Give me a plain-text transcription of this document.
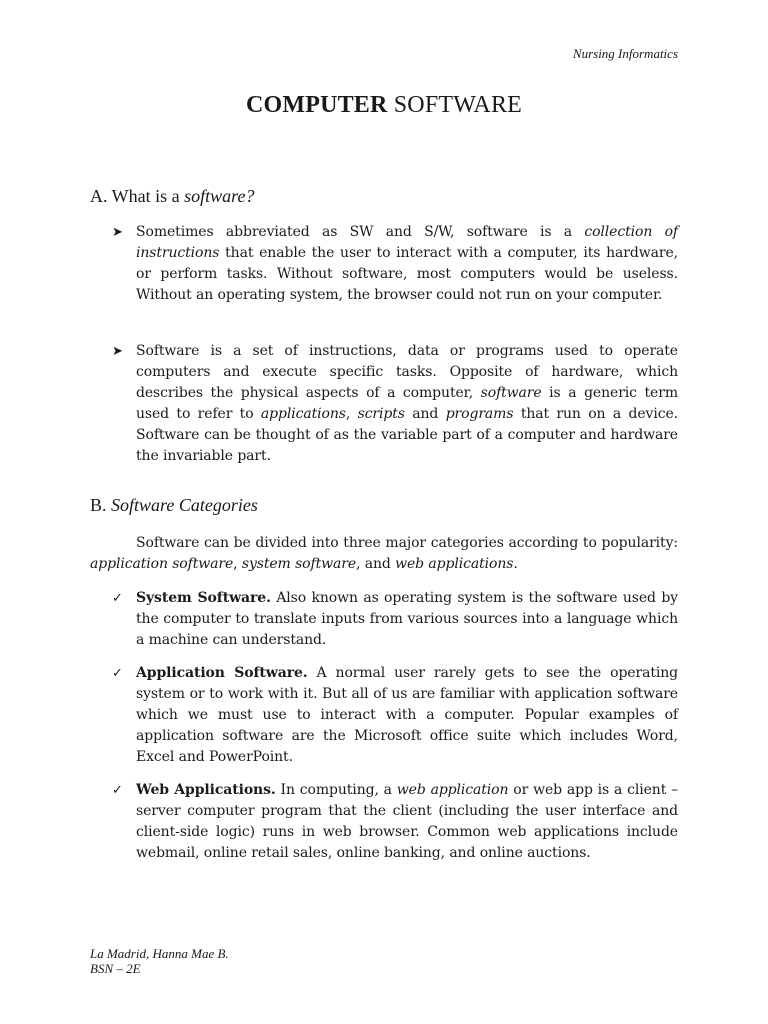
Nursing Informatics
COMPUTER SOFTWARE
A. What is a software?
➤ Sometimes abbreviated as SW and S/W, software is a collection of instructions that enable the user to interact with a computer, its hardware, or perform tasks. Without software, most computers would be useless. Without an operating system, the browser could not run on your computer.
➤ Software is a set of instructions, data or programs used to operate computers and execute specific tasks. Opposite of hardware, which describes the physical aspects of a computer, software is a generic term used to refer to applications, scripts and programs that run on a device. Software can be thought of as the variable part of a computer and hardware the invariable part.
B. Software Categories
Software can be divided into three major categories according to popularity: application software, system software, and web applications.
✓ System Software. Also known as operating system is the software used by the computer to translate inputs from various sources into a language which a machine can understand.
✓ Application Software. A normal user rarely gets to see the operating system or to work with it. But all of us are familiar with application software which we must use to interact with a computer. Popular examples of application software are the Microsoft office suite which includes Word, Excel and PowerPoint.
✓ Web Applications. In computing, a web application or web app is a client – server computer program that the client (including the user interface and client-side logic) runs in web browser. Common web applications include webmail, online retail sales, online banking, and online auctions.
La Madrid, Hanna Mae B.
BSN – 2E
